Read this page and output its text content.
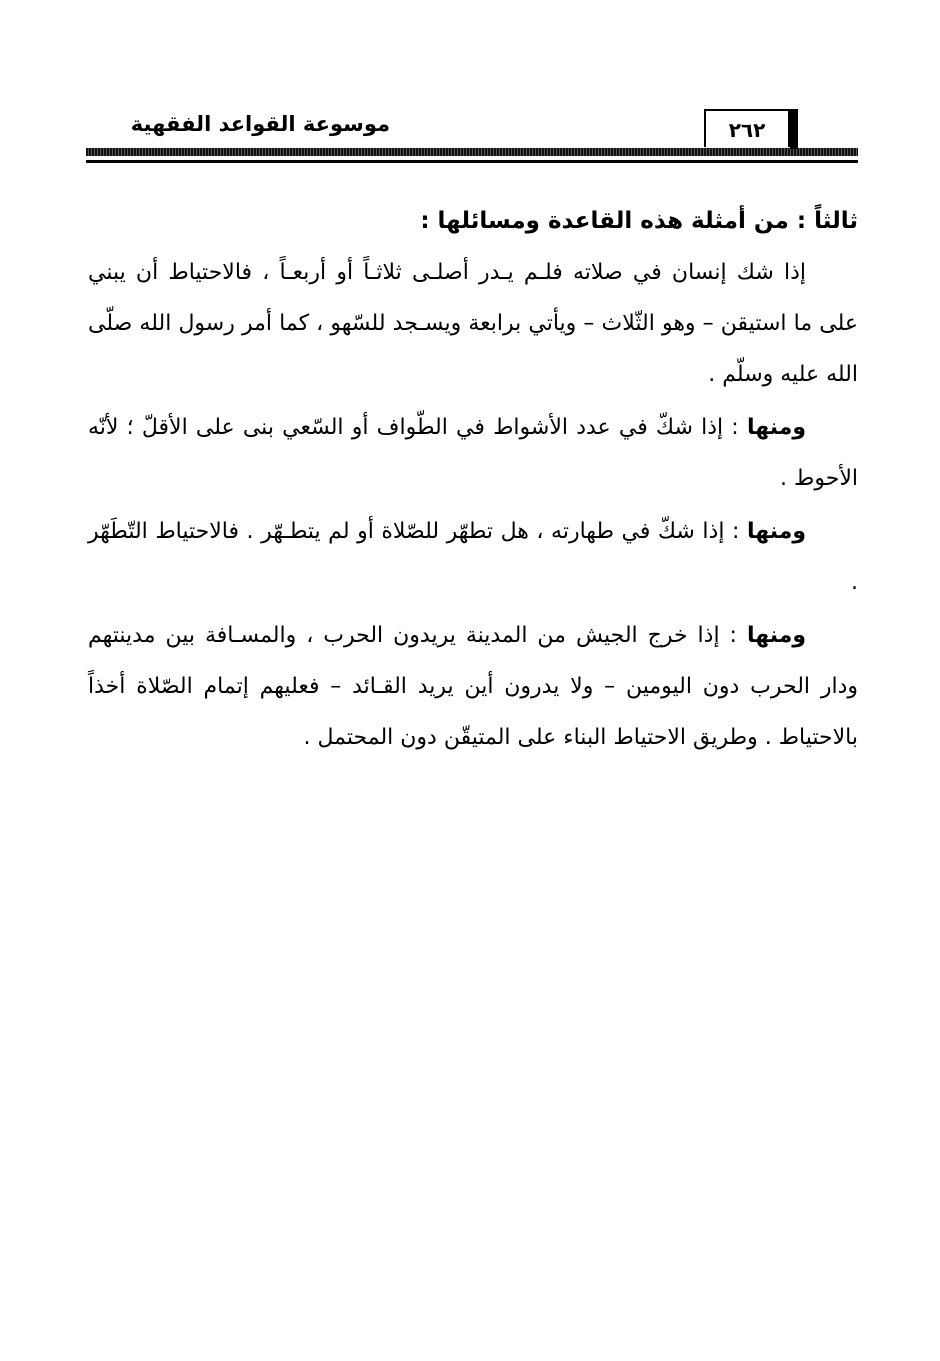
٢٦٢
موسوعة القواعد الفقهية

ثالثاً : من أمثلة هذه القاعدة ومسائلها :

إذا شك إنسان في صلاته فلـم يـدر أصلـى ثلاثـاً أو أربعـاً ، فالاحتياط أن يبني على ما استيقن – وهو الثّلاث – ويأتي برابعة ويسـجد للسّهو ، كما أمر رسول الله صلّى الله عليه وسلّم .

ومنها : إذا شكّ في عدد الأشواط في الطّواف أو السّعي بنى على الأقلّ ؛ لأنّه الأحوط .

ومنها : إذا شكّ في طهارته ، هل تطهّر للصّلاة أو لم يتطـهّر . فالاحتياط التّطَهّر .

ومنها : إذا خرج الجيش من المدينة يريدون الحرب ، والمسـافة بين مدينتهم ودار الحرب دون اليومين – ولا يدرون أين يريد القـائد – فعليهم إتمام الصّلاة أخذاً بالاحتياط . وطريق الاحتياط البناء على المتيقّن دون المحتمل .
